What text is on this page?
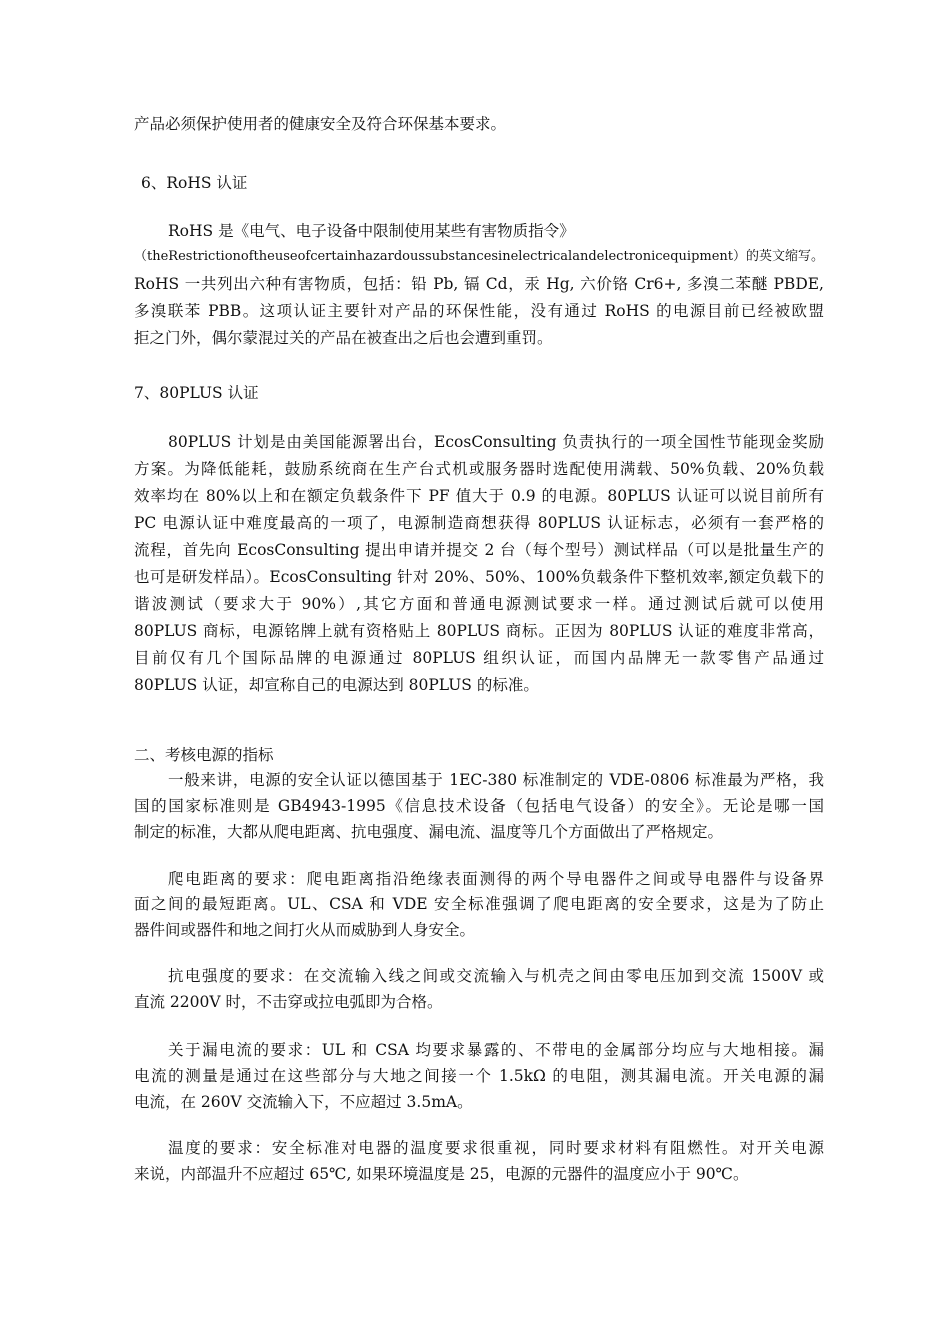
产品必须保护使用者的健康安全及符合环保基本要求。
6、RoHS 认证
RoHS 是《电气、电子设备中限制使用某些有害物质指令》
（theRestrictionoftheuseofcertainhazardoussubstancesinelectricalandelectronicequipment）的英文缩写。
RoHS 一共列出六种有害物质，包括：铅 Pb, 镉 Cd，汞 Hg, 六价铬 Cr6+, 多溴二苯醚 PBDE,
多溴联苯 PBB。这项认证主要针对产品的环保性能，没有通过 RoHS 的电源目前已经被欧盟
拒之门外，偶尔蒙混过关的产品在被查出之后也会遭到重罚。
7、80PLUS 认证
80PLUS 计划是由美国能源署出台，EcosConsulting 负责执行的一项全国性节能现金奖励
方案。为降低能耗，鼓励系统商在生产台式机或服务器时选配使用满载、50%负载、20%负载
效率均在 80%以上和在额定负载条件下 PF 值大于 0.9 的电源。80PLUS 认证可以说目前所有
PC 电源认证中难度最高的一项了，电源制造商想获得 80PLUS 认证标志，必须有一套严格的
流程，首先向 EcosConsulting 提出申请并提交 2 台（每个型号）测试样品（可以是批量生产的
也可是研发样品）。EcosConsulting 针对 20%、50%、100%负载条件下整机效率,额定负载下的
谐波测试（要求大于 90%）,其它方面和普通电源测试要求一样。通过测试后就可以使用
80PLUS 商标，电源铭牌上就有资格贴上 80PLUS 商标。正因为 80PLUS 认证的难度非常高，
目前仅有几个国际品牌的电源通过 80PLUS 组织认证，而国内品牌无一款零售产品通过
80PLUS 认证，却宣称自己的电源达到 80PLUS 的标准。
二、考核电源的指标
一般来讲，电源的安全认证以德国基于 1EC-380 标准制定的 VDE-0806 标准最为严格，我
国的国家标准则是 GB4943-1995《信息技术设备（包括电气设备）的安全》。无论是哪一国
制定的标准，大都从爬电距离、抗电强度、漏电流、温度等几个方面做出了严格规定。
爬电距离的要求：爬电距离指沿绝缘表面测得的两个导电器件之间或导电器件与设备界
面之间的最短距离。UL、CSA 和 VDE 安全标准强调了爬电距离的安全要求，这是为了防止
器件间或器件和地之间打火从而威胁到人身安全。
抗电强度的要求：在交流输入线之间或交流输入与机壳之间由零电压加到交流 1500V 或
直流 2200V 时，不击穿或拉电弧即为合格。
关于漏电流的要求：UL 和 CSA 均要求暴露的、不带电的金属部分均应与大地相接。漏
电流的测量是通过在这些部分与大地之间接一个 1.5kΩ 的电阻，测其漏电流。开关电源的漏
电流，在 260V 交流输入下，不应超过 3.5mA。
温度的要求：安全标准对电器的温度要求很重视，同时要求材料有阻燃性。对开关电源
来说，内部温升不应超过 65℃, 如果环境温度是 25，电源的元器件的温度应小于 90℃。
